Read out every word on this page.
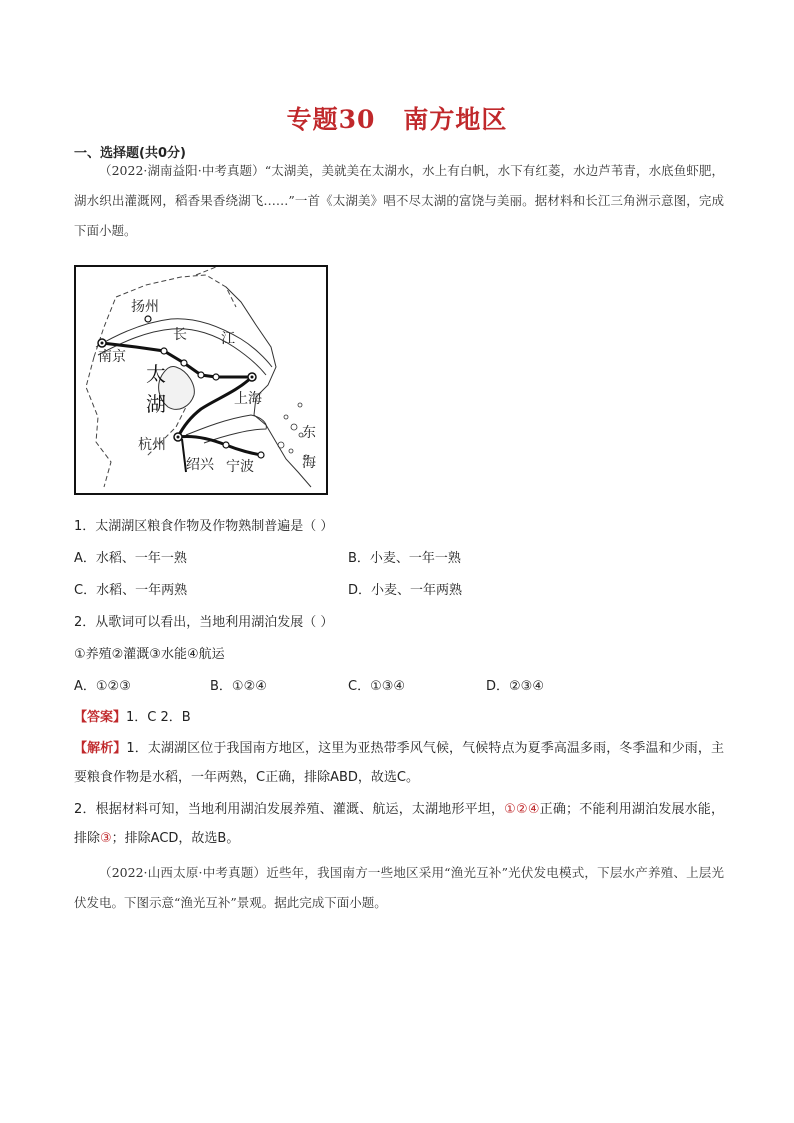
专题30 南方地区
一、选择题(共0分)
（2022·湖南益阳·中考真题）“太湖美，美就美在太湖水，水上有白帆，水下有红菱，水边芦苇青，水底鱼虾肥，湖水织出灌溉网，稻香果香绕湖飞……”一首《太湖美》唱不尽太湖的富饶与美丽。据材料和长江三角洲示意图，完成下面小题。
扬州
长 江
南京
太
湖	上海
杭州
绍兴 宁波
东
海
1．太湖湖区粮食作物及作物熟制普遍是（ ）
A．水稻、一年一熟	B．小麦、一年一熟
C．水稻、一年两熟	D．小麦、一年两熟
2．从歌词可以看出，当地利用湖泊发展（ ）
①养殖②灌溉③水能④航运
A．①②③	B．①②④	C．①③④	D．②③④
【答案】1．C 2．B
【解析】1．太湖湖区位于我国南方地区，这里为亚热带季风气候，气候特点为夏季高温多雨，冬季温和少雨，主要粮食作物是水稻，一年两熟，C正确，排除ABD，故选C。
2．根据材料可知，当地利用湖泊发展养殖、灌溉、航运，太湖地形平坦，①②④正确；不能利用湖泊发展水能，排除③；排除ACD，故选B。
（2022·山西太原·中考真题）近些年，我国南方一些地区采用“渔光互补”光伏发电模式，下层水产养殖、上层光伏发电。下图示意“渔光互补”景观。据此完成下面小题。
